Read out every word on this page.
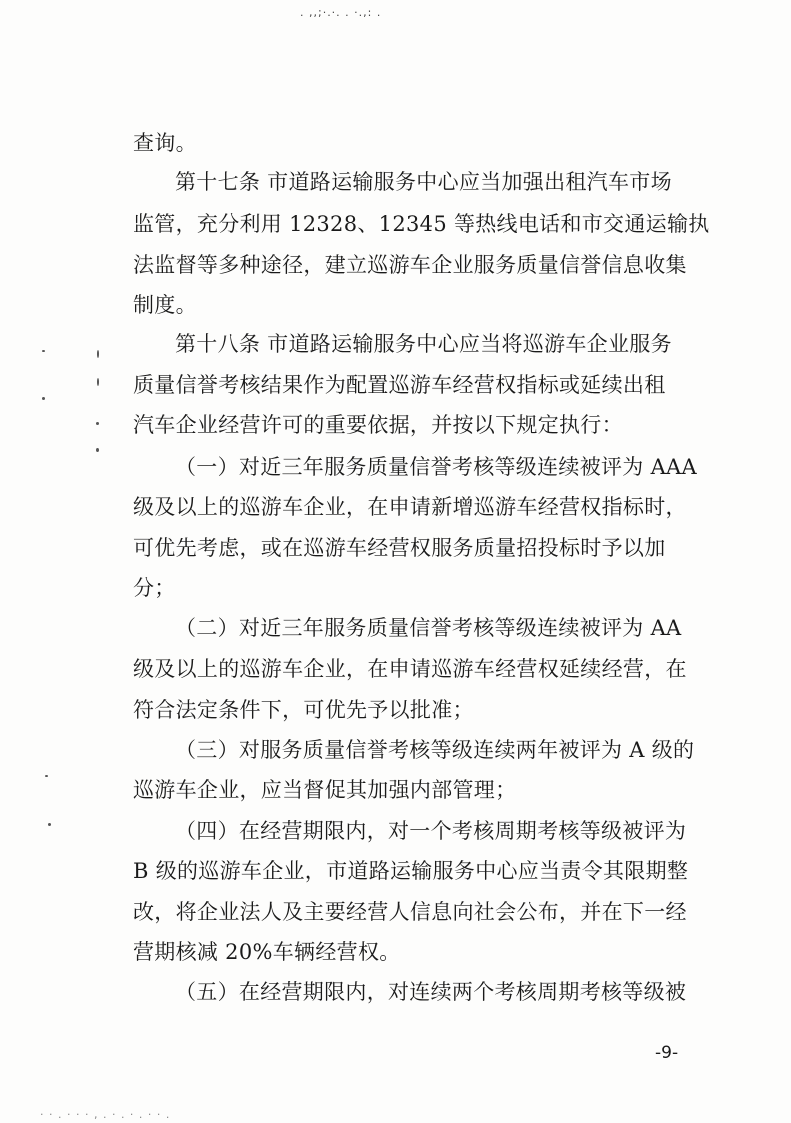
. ,,;·.·. . ·.,: .
查询。
第十七条 市道路运输服务中心应当加强出租汽车市场
监管，充分利用 12328、12345 等热线电话和市交通运输执
法监督等多种途径，建立巡游车企业服务质量信誉信息收集
制度。
第十八条 市道路运输服务中心应当将巡游车企业服务
质量信誉考核结果作为配置巡游车经营权指标或延续出租
汽车企业经营许可的重要依据，并按以下规定执行：
（一）对近三年服务质量信誉考核等级连续被评为 AAA
级及以上的巡游车企业，在申请新增巡游车经营权指标时，
可优先考虑，或在巡游车经营权服务质量招投标时予以加
分；
（二）对近三年服务质量信誉考核等级连续被评为 AA
级及以上的巡游车企业，在申请巡游车经营权延续经营，在
符合法定条件下，可优先予以批准；
（三）对服务质量信誉考核等级连续两年被评为 A 级的
巡游车企业，应当督促其加强内部管理；
（四）在经营期限内，对一个考核周期考核等级被评为
B 级的巡游车企业，市道路运输服务中心应当责令其限期整
改，将企业法人及主要经营人信息向社会公布，并在下一经
营期核减 20%车辆经营权。
（五）在经营期限内，对连续两个考核周期考核等级被
-9-
· · . · · · , . · . · . · · .
